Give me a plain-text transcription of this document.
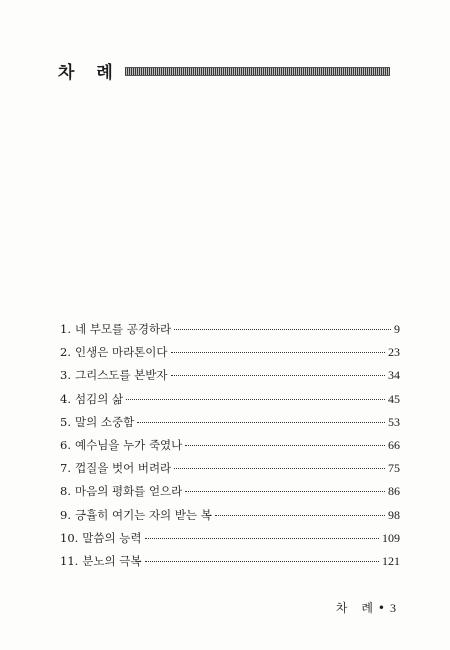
차 례
1. 네 부모를 공경하라	9
2. 인생은 마라톤이다	23
3. 그리스도를 본받자	34
4. 섬김의 삶	45
5. 말의 소중함	53
6. 예수님을 누가 죽였나	66
7. 껍질을 벗어 버려라	75
8. 마음의 평화를 얻으라	86
9. 긍휼히 여기는 자의 받는 복	98
10. 말씀의 능력	109
11. 분노의 극복	121
차 례 • 3
